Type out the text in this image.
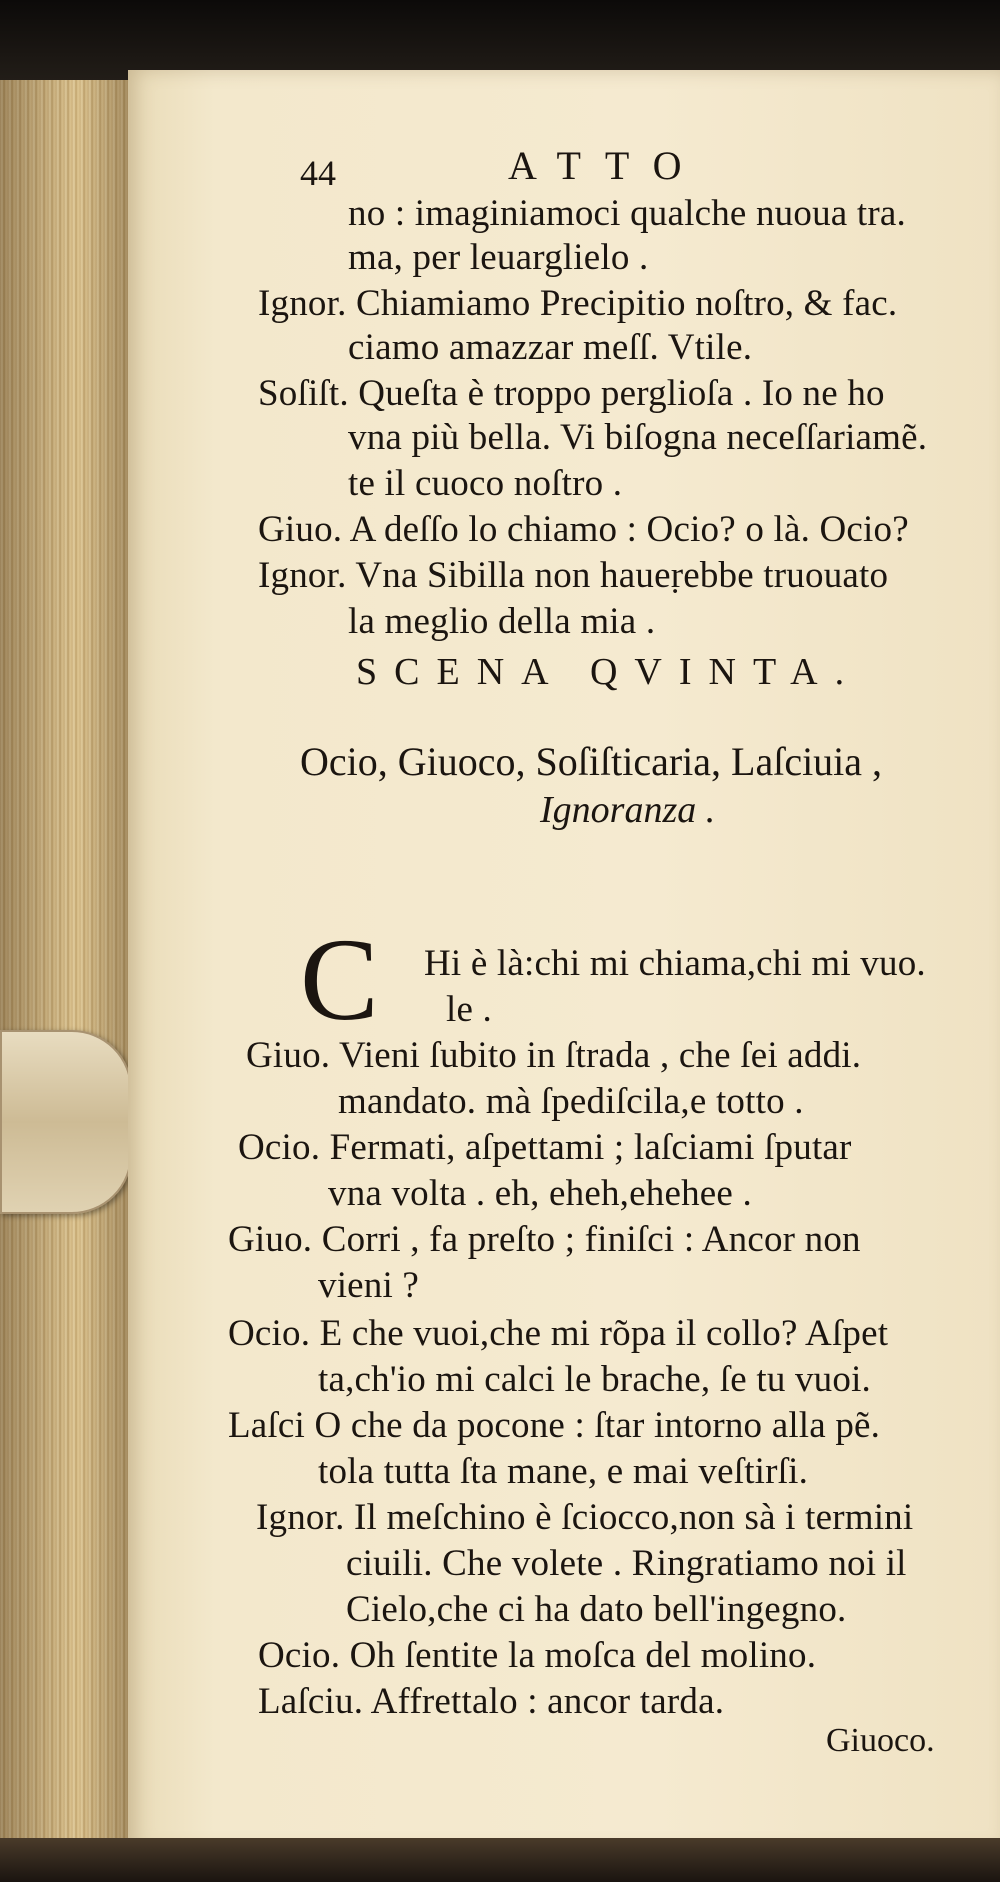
44	ATTO
no : imaginiamoci qualche nuoua tra.
ma, per leuarglielo .
Ignor. Chiamiamo Precipitio noſtro, & fac.
ciamo amazzar meſſ. Vtile.
Soſiſt. Queſta è troppo perglioſa . Io ne ho
vna più bella. Vi biſogna neceſſariamẽ.
te il cuoco noſtro .
Giuo. A deſſo lo chiamo : Ocio? o là. Ocio?
Ignor. Vna Sibilla non haueṛebbe truouato
la meglio della mia .
SCENA QVINTA.
Ocio, Giuoco, Soſiſticaria, Laſciuia ,
Ignoranza .
C Hi è là:chi mi chiama,chi mi vuo.
le .
Giuo. Vieni ſubito in ſtrada , che ſei addi.
mandato. mà ſpediſcila,e totto .
Ocio. Fermati, aſpettami ; laſciami ſputar
vna volta . eh, eheh,ehehee .
Giuo. Corri , fa preſto ; finiſci : Ancor non
vieni ?
Ocio. E che vuoi,che mi rõpa il collo? Aſpet
ta,ch'io mi calci le brache, ſe tu vuoi.
Laſci O che da pocone : ſtar intorno alla pẽ.
tola tutta ſta mane, e mai veſtirſi.
Ignor. Il meſchino è ſciocco,non sà i termini
ciuili. Che volete . Ringratiamo noi il
Cielo,che ci ha dato bell'ingegno.
Ocio. Oh ſentite la moſca del molino.
Laſciu. Affrettalo : ancor tarda.
Giuoco.
